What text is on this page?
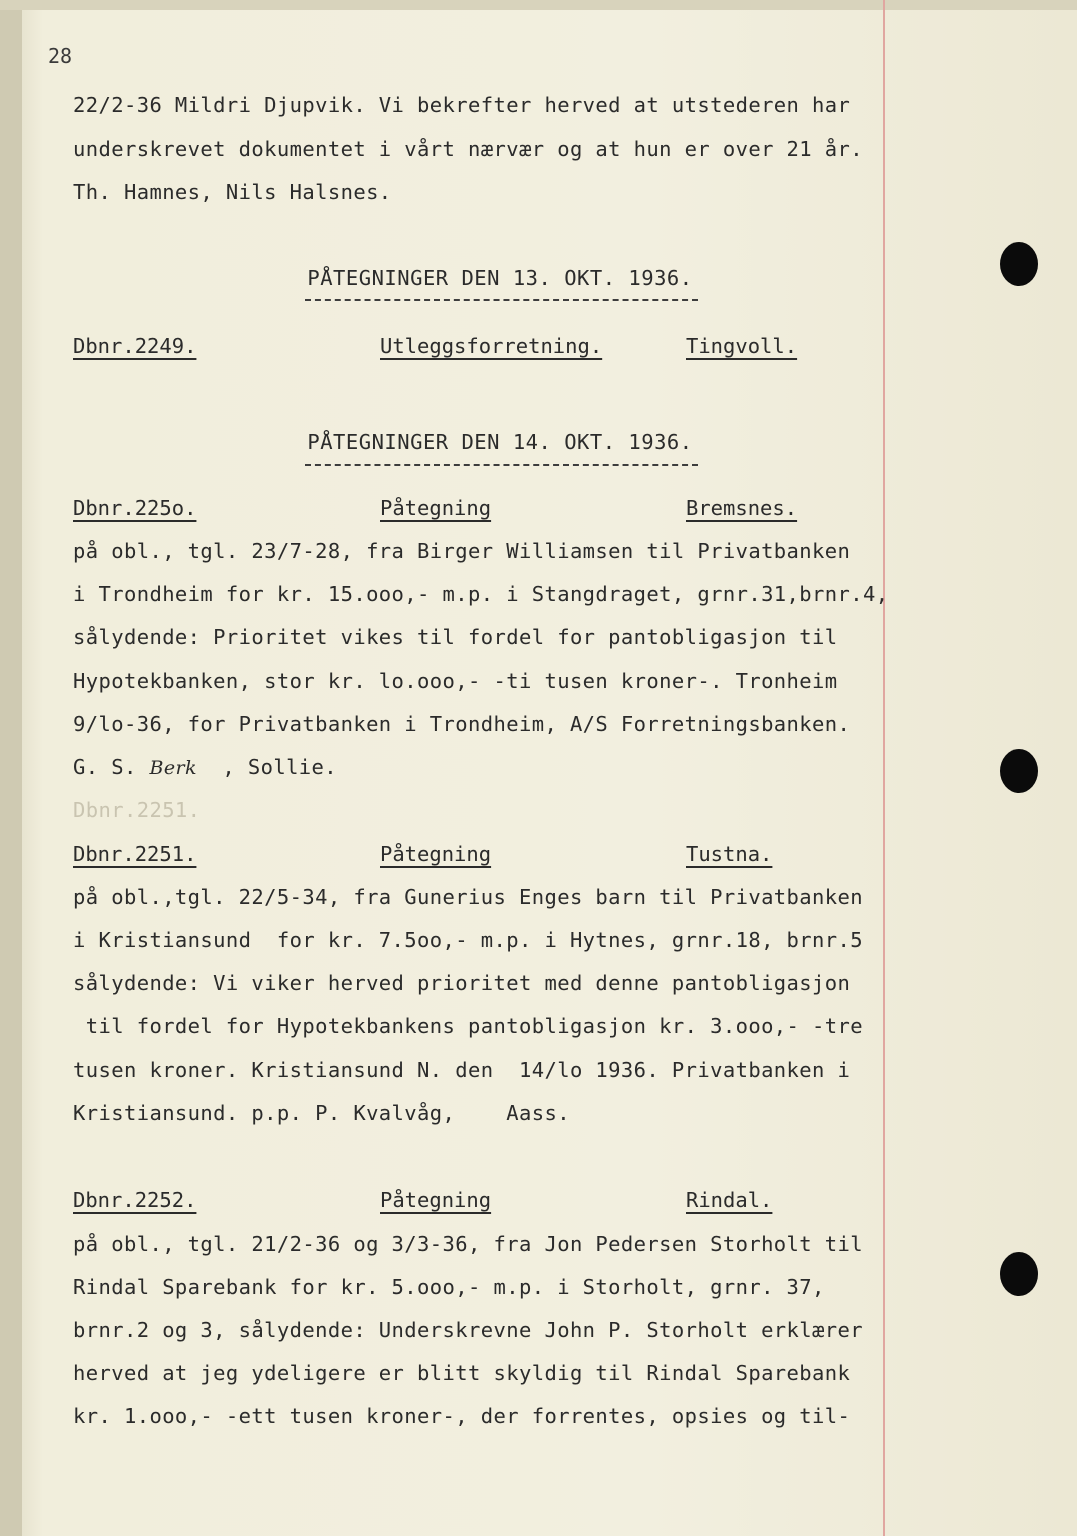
28

22/2-36 Mildri Djupvik. Vi bekrefter herved at utstederen har

underskrevet dokumentet i vårt nærvær og at hun er over 21 år.

Th. Hamnes, Nils Halsnes.

PÅTEGNINGER DEN 13. OKT. 1936.
Dbnr.2249.	Utleggsforretning.	Tingvoll.
PÅTEGNINGER DEN 14. OKT. 1936.
Dbnr.225o.	Påtegning	Bremsnes.

på obl., tgl. 23/7-28, fra Birger Williamsen til Privatbanken

i Trondheim for kr. 15.ooo,- m.p. i Stangdraget, grnr.31,brnr.4,

sålydende: Prioritet vikes til fordel for pantobligasjon til

Hypotekbanken, stor kr. lo.ooo,- -ti tusen kroner-. Tronheim

9/lo-36, for Privatbanken i Trondheim, A/S Forretningsbanken.

G. S. Berk , Sollie.

Dbnr.2251.

Dbnr.2251.	Påtegning	Tustna.

på obl.,tgl. 22/5-34, fra Gunerius Enges barn til Privatbanken

i Kristiansund  for kr. 7.5oo,- m.p. i Hytnes, grnr.18, brnr.5

sålydende: Vi viker herved prioritet med denne pantobligasjon

til fordel for Hypotekbankens pantobligasjon kr. 3.ooo,- -tre

tusen kroner. Kristiansund N. den  14/lo 1936. Privatbanken i

Kristiansund. p.p. P. Kvalvåg,    Aass.

Dbnr.2252.	Påtegning	Rindal.

på obl., tgl. 21/2-36 og 3/3-36, fra Jon Pedersen Storholt til

Rindal Sparebank for kr. 5.ooo,- m.p. i Storholt, grnr. 37,

brnr.2 og 3, sålydende: Underskrevne John P. Storholt erklærer

herved at jeg ydeligere er blitt skyldig til Rindal Sparebank

kr. 1.ooo,- -ett tusen kroner-, der forrentes, opsies og til-
